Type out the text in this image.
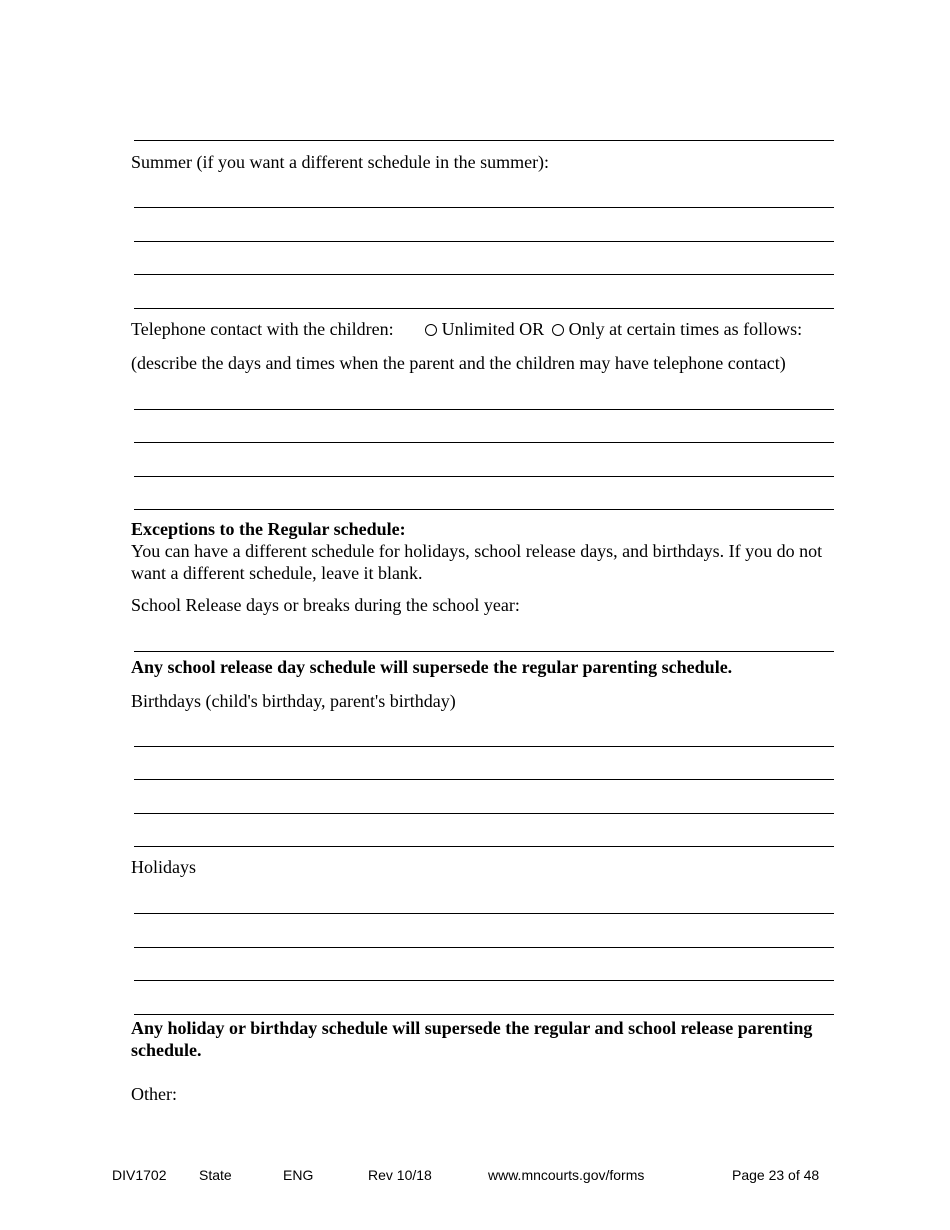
Summer (if you want a different schedule in the summer):
Telephone contact with the children:	Unlimited OR Only at certain times as follows:
(describe the days and times when the parent and the children may have telephone contact)
Exceptions to the Regular schedule:
You can have a different schedule for holidays, school release days, and birthdays. If you do not want a different schedule, leave it blank.
School Release days or breaks during the school year:
Any school release day schedule will supersede the regular parenting schedule.
Birthdays (child's birthday, parent's birthday)
Holidays
Any holiday or birthday schedule will supersede the regular and school release parenting schedule.
Other:
DIV1702 State	ENG	Rev 10/18	www.mncourts.gov/forms	Page 23 of 48
